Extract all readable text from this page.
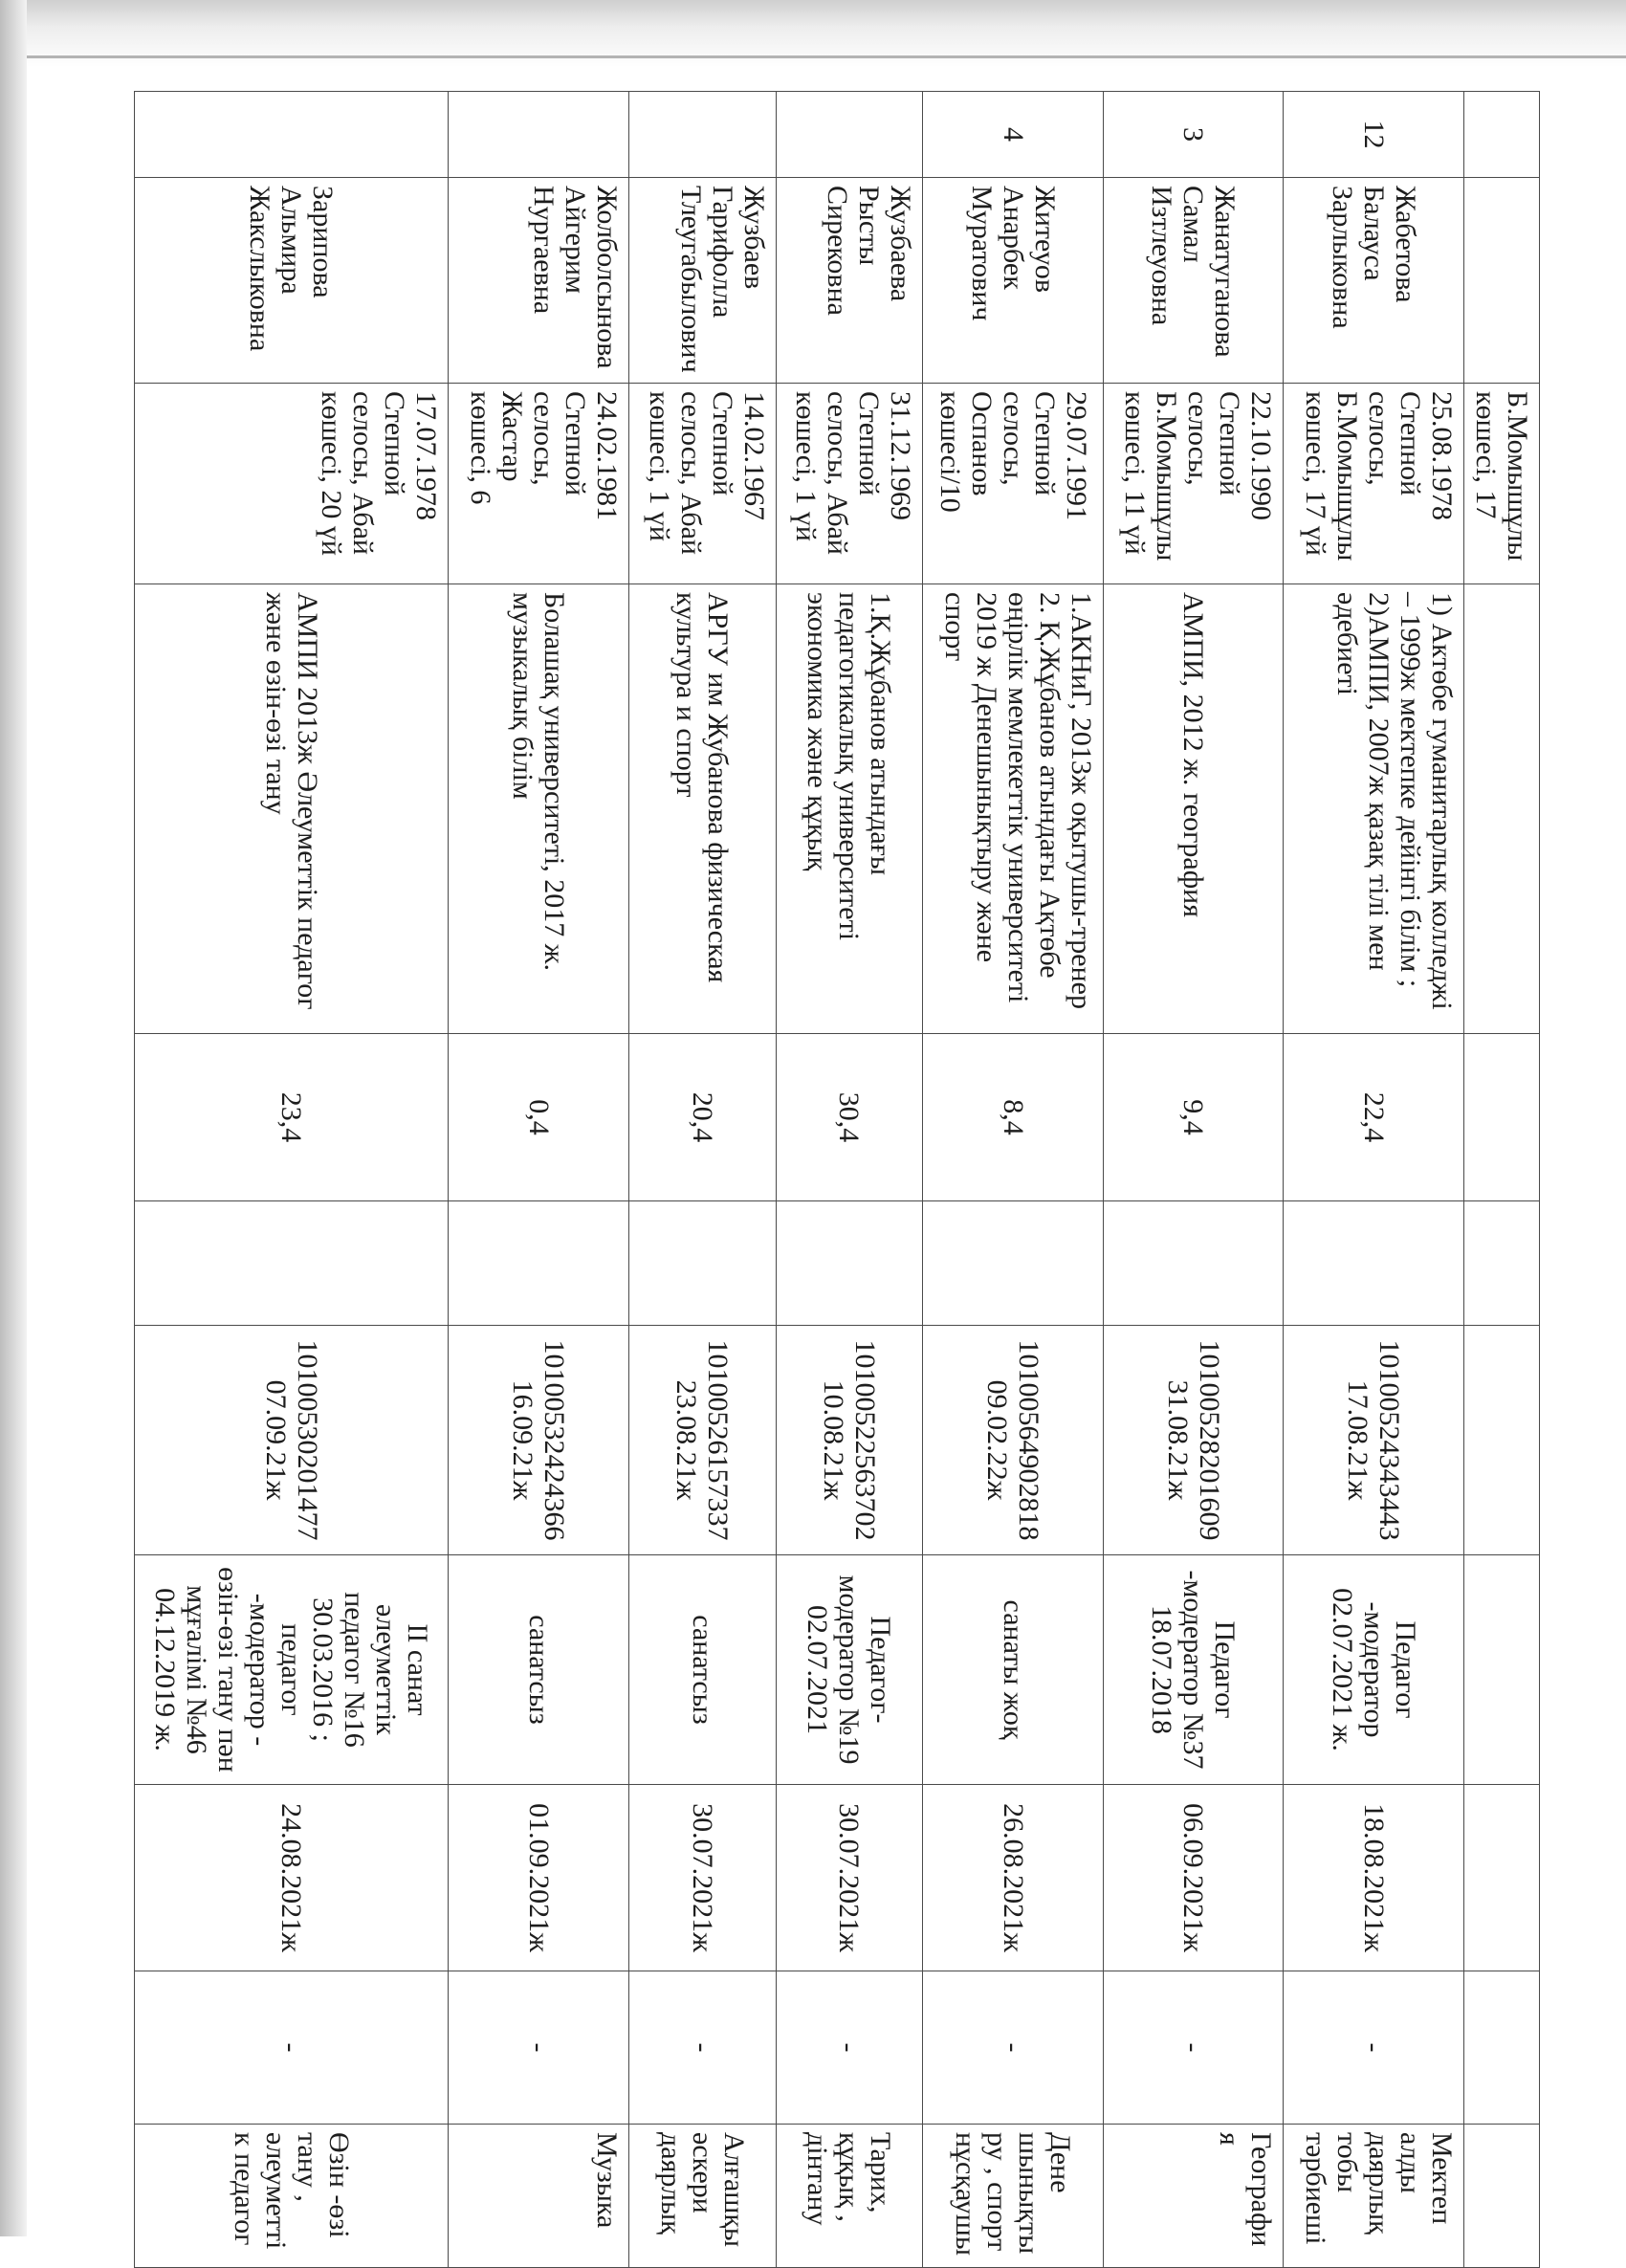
		Б.Момышұлы көшесі, 17								
12	Жабетова Балауса Зарлыковна	25.08.1978 Степной селосы, Б.Момышұлы көшесі, 17 үй	1) Актөбе гуманитарлық колледжі – 1999ж мектепке дейінгі білім ; 2)АМПИ, 2007ж қазақ тілі мен әдебиеті	22,4		10100524343443 17.08.21ж	Педагог -модератор 02.07.2021 ж.	18.08.2021ж	-	Мектеп алды даярлық тобы тәрбиеші
3	Жанатуганова Самал Изтлеуовна	22.10.1990 Степной селосы, Б.Момышұлы көшесі, 11 үй	АМПИ, 2012 ж. география	9,4		10100528201609 31.08.21ж	Педагог -модератор №37 18.07.2018	06.09.2021ж	-	География
4	Житеуов Анарбек Муратович	29.07.1991 Степной селосы, Оспанов көшесі/10	1.АКНиГ, 2013ж оқытушы-тренер 2. Қ.Жұбанов атындағы Ақтөбе өңірлік мемлекеттік университеті 2019 ж Денешынықтыру және спорт	8,4		10100564902818 09.02.22ж	санаты жоқ	26.08.2021ж	-	Дене шынықтыру , спорт нұсқаушы
	Жузбаева Рысты Сирековна	31.12.1969 Степной селосы, Абай көшесі, 1 үй	1.Қ.Жұбанов атындағы педагогикалық университеті экономика және құқық	30,4		10100522563702 10.08.21ж	Педагог-модератор №19 02.07.2021	30.07.2021ж	-	Тарих, құқық , дінтану
	Жузбаев Гарифолла Тлеугабылович	14.02.1967 Степной селосы, Абай көшесі, 1 үй	АРГУ им Жубанова физическая культура и спорт	20,4		10100526157337 23.08.21ж	санатсыз	30.07.2021ж	-	Алғашқы әскери даярлық
	Жолболсынова Айгерим Нургаевна	24.02.1981 Степной селосы, Жастар көшесі, 6	Болашақ университеті, 2017 ж. музыкалық білім	0,4		10100532424366 16.09.21ж	санатсыз	01.09.2021ж	-	Музыка
	Зарипова Альмира Жакслыковна	17.07.1978 Степной селосы, Абай көшесі, 20 үй	АМПИ 2013ж Әлеуметтік педагог және өзін-өзі тану	23,4		10100530201477 07.09.21ж	II санат әлеуметтік педагог №16 30.03.2016 ; педагог -модератор - өзін-өзі тану пән мұғалімі №46 04.12.2019 ж.	24.08.2021ж	-	Өзін -өзі тану , әлеуметтік педагог
